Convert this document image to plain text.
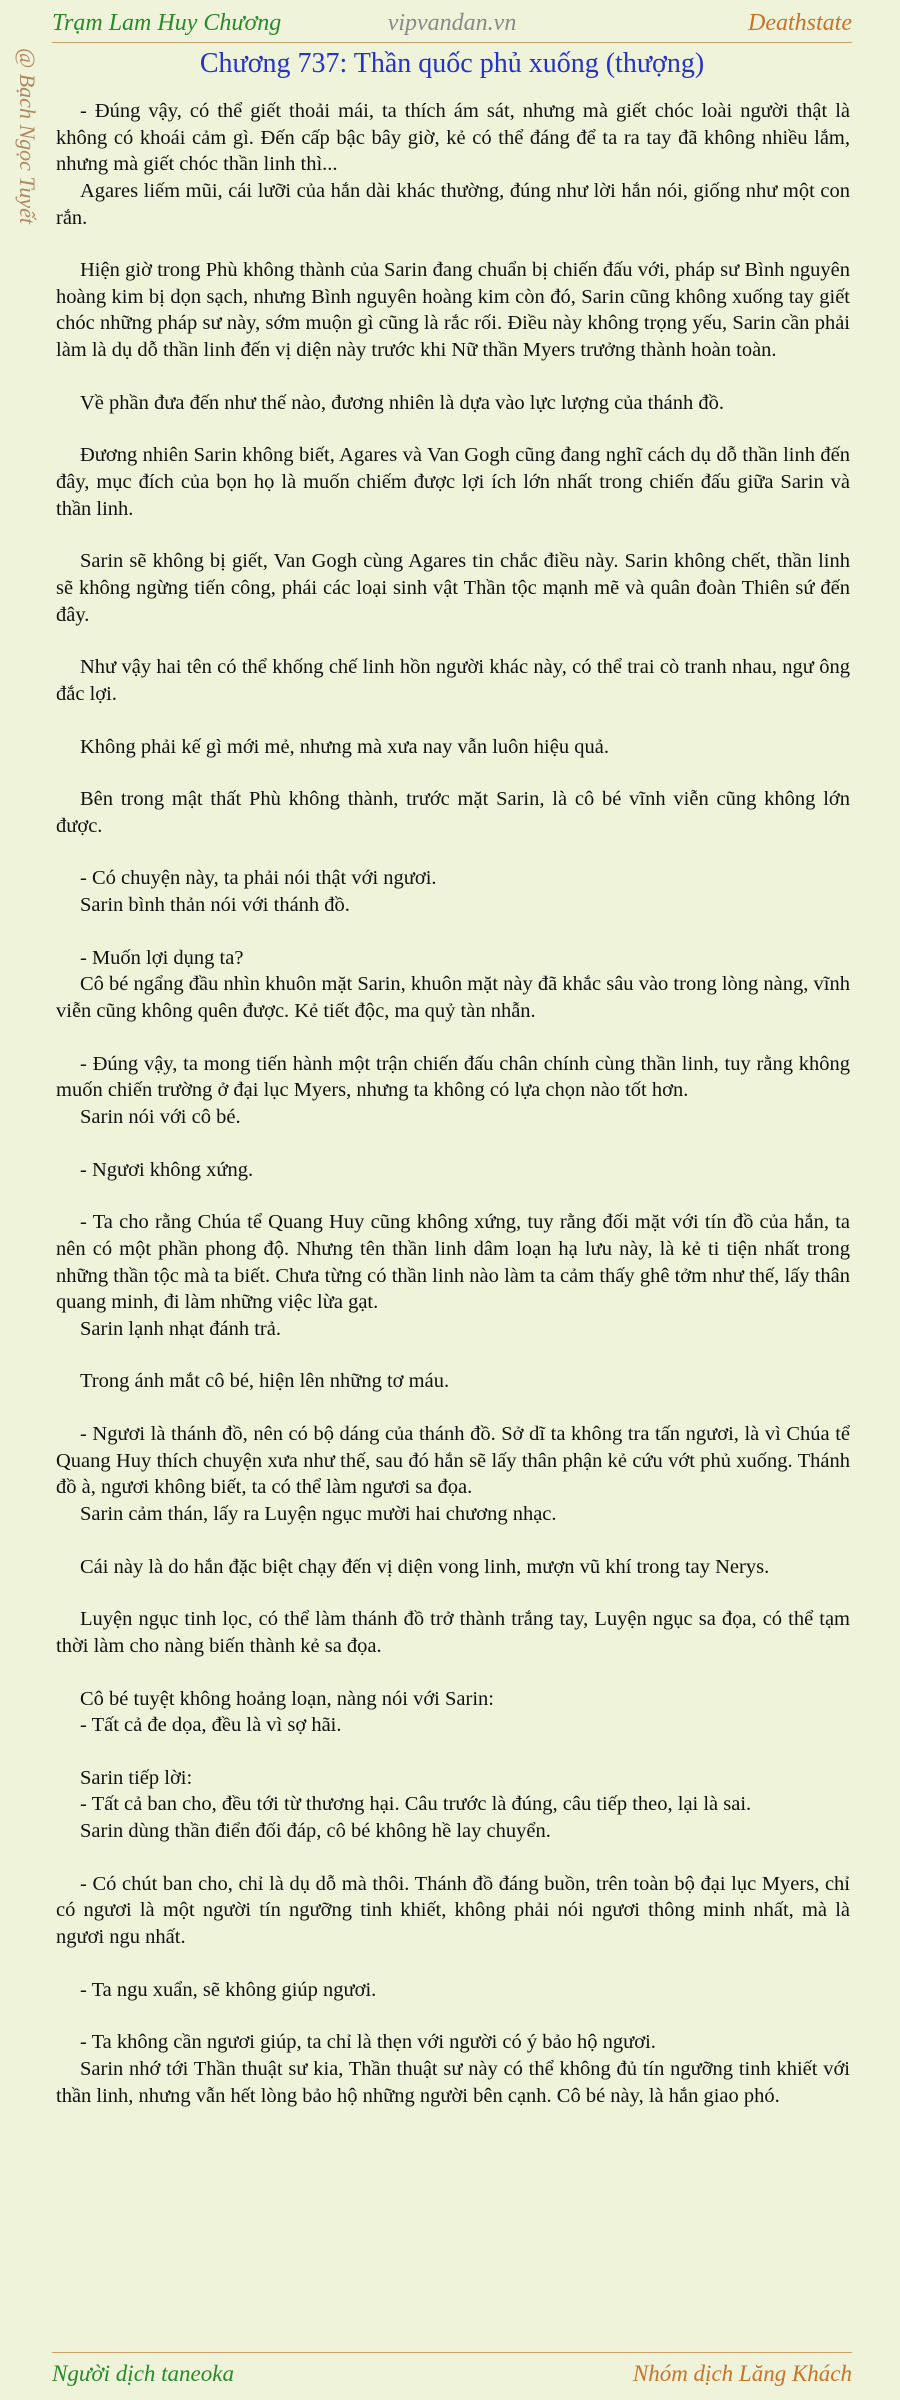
Trạm Lam Huy Chương	vipvandan.vn	Deathstate
@ Bạch Ngọc Tuyết	Chương 737: Thần quốc phủ xuống (thượng)

- Đúng vậy, có thể giết thoải mái, ta thích ám sát, nhưng mà giết chóc loài người thật là không có khoái cảm gì. Đến cấp bậc bây giờ, kẻ có thể đáng để ta ra tay đã không nhiều lắm, nhưng mà giết chóc thần linh thì...

Agares liếm mũi, cái lưỡi của hắn dài khác thường, đúng như lời hắn nói, giống như một con rắn.

Hiện giờ trong Phù không thành của Sarin đang chuẩn bị chiến đấu với, pháp sư Bình nguyên hoàng kim bị dọn sạch, nhưng Bình nguyên hoàng kim còn đó, Sarin cũng không xuống tay giết chóc những pháp sư này, sớm muộn gì cũng là rắc rối. Điều này không trọng yếu, Sarin cần phải làm là dụ dỗ thần linh đến vị diện này trước khi Nữ thần Myers trưởng thành hoàn toàn.

Về phần đưa đến như thế nào, đương nhiên là dựa vào lực lượng của thánh đồ.

Đương nhiên Sarin không biết, Agares và Van Gogh cũng đang nghĩ cách dụ dỗ thần linh đến đây, mục đích của bọn họ là muốn chiếm được lợi ích lớn nhất trong chiến đấu giữa Sarin và thần linh.

Sarin sẽ không bị giết, Van Gogh cùng Agares tin chắc điều này. Sarin không chết, thần linh sẽ không ngừng tiến công, phái các loại sinh vật Thần tộc mạnh mẽ và quân đoàn Thiên sứ đến đây.

Như vậy hai tên có thể khống chế linh hồn người khác này, có thể trai cò tranh nhau, ngư ông đắc lợi.

Không phải kế gì mới mẻ, nhưng mà xưa nay vẫn luôn hiệu quả.

Bên trong mật thất Phù không thành, trước mặt Sarin, là cô bé vĩnh viễn cũng không lớn được.

- Có chuyện này, ta phải nói thật với ngươi.

Sarin bình thản nói với thánh đồ.

- Muốn lợi dụng ta?

Cô bé ngẩng đầu nhìn khuôn mặt Sarin, khuôn mặt này đã khắc sâu vào trong lòng nàng, vĩnh viễn cũng không quên được. Kẻ tiết độc, ma quỷ tàn nhẫn.

- Đúng vậy, ta mong tiến hành một trận chiến đấu chân chính cùng thần linh, tuy rằng không muốn chiến trường ở đại lục Myers, nhưng ta không có lựa chọn nào tốt hơn.

Sarin nói với cô bé.

- Ngươi không xứng.

- Ta cho rằng Chúa tể Quang Huy cũng không xứng, tuy rằng đối mặt với tín đồ của hắn, ta nên có một phần phong độ. Nhưng tên thần linh dâm loạn hạ lưu này, là kẻ ti tiện nhất trong những thần tộc mà ta biết. Chưa từng có thần linh nào làm ta cảm thấy ghê tởm như thế, lấy thân quang minh, đi làm những việc lừa gạt.

Sarin lạnh nhạt đánh trả.

Trong ánh mắt cô bé, hiện lên những tơ máu.

- Ngươi là thánh đồ, nên có bộ dáng của thánh đồ. Sở dĩ ta không tra tấn ngươi, là vì Chúa tể Quang Huy thích chuyện xưa như thế, sau đó hắn sẽ lấy thân phận kẻ cứu vớt phủ xuống. Thánh đồ à, ngươi không biết, ta có thể làm ngươi sa đọa.

Sarin cảm thán, lấy ra Luyện ngục mười hai chương nhạc.

Cái này là do hắn đặc biệt chạy đến vị diện vong linh, mượn vũ khí trong tay Nerys.

Luyện ngục tinh lọc, có thể làm thánh đồ trở thành trắng tay, Luyện ngục sa đọa, có thể tạm thời làm cho nàng biến thành kẻ sa đọa.

Cô bé tuyệt không hoảng loạn, nàng nói với Sarin:

- Tất cả đe dọa, đều là vì sợ hãi.

Sarin tiếp lời:

- Tất cả ban cho, đều tới từ thương hại. Câu trước là đúng, câu tiếp theo, lại là sai.

Sarin dùng thần điển đối đáp, cô bé không hề lay chuyển.

- Có chút ban cho, chỉ là dụ dỗ mà thôi. Thánh đồ đáng buồn, trên toàn bộ đại lục Myers, chỉ có ngươi là một người tín ngưỡng tinh khiết, không phải nói ngươi thông minh nhất, mà là ngươi ngu nhất.

- Ta ngu xuẩn, sẽ không giúp ngươi.

- Ta không cần ngươi giúp, ta chỉ là thẹn với người có ý bảo hộ ngươi.

Sarin nhớ tới Thần thuật sư kia, Thần thuật sư này có thể không đủ tín ngưỡng tinh khiết với thần linh, nhưng vẫn hết lòng bảo hộ những người bên cạnh. Cô bé này, là hắn giao phó.

Người dịch taneoka	Nhóm dịch Lăng Khách
